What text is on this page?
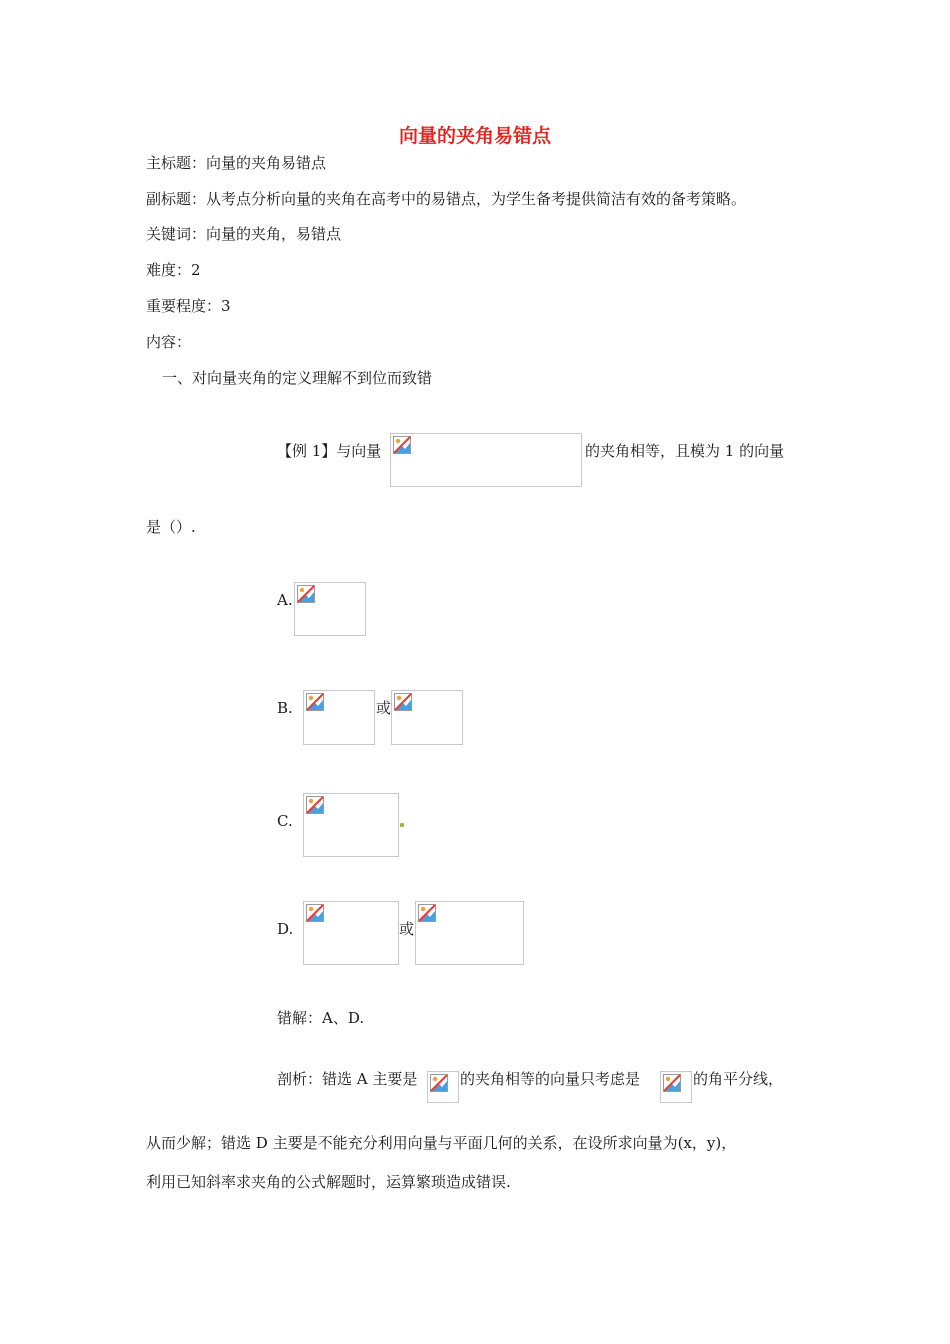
向量的夹角易错点
主标题：向量的夹角易错点
副标题：从考点分析向量的夹角在高考中的易错点，为学生备考提供简洁有效的备考策略。
关键词：向量的夹角，易错点
难度：2
重要程度：3
内容：
一、对向量夹角的定义理解不到位而致错
【例 1】与向量	的夹角相等，且模为 1 的向量
是（）.
A.
B.	或
C.
D.	或
错解：A、D.
剖析：错选 A 主要是	的夹角相等的向量只考虑是	的角平分线，
从而少解；错选 D 主要是不能充分利用向量与平面几何的关系，在设所求向量为(x，y)，
利用已知斜率求夹角的公式解题时，运算繁琐造成错误.
